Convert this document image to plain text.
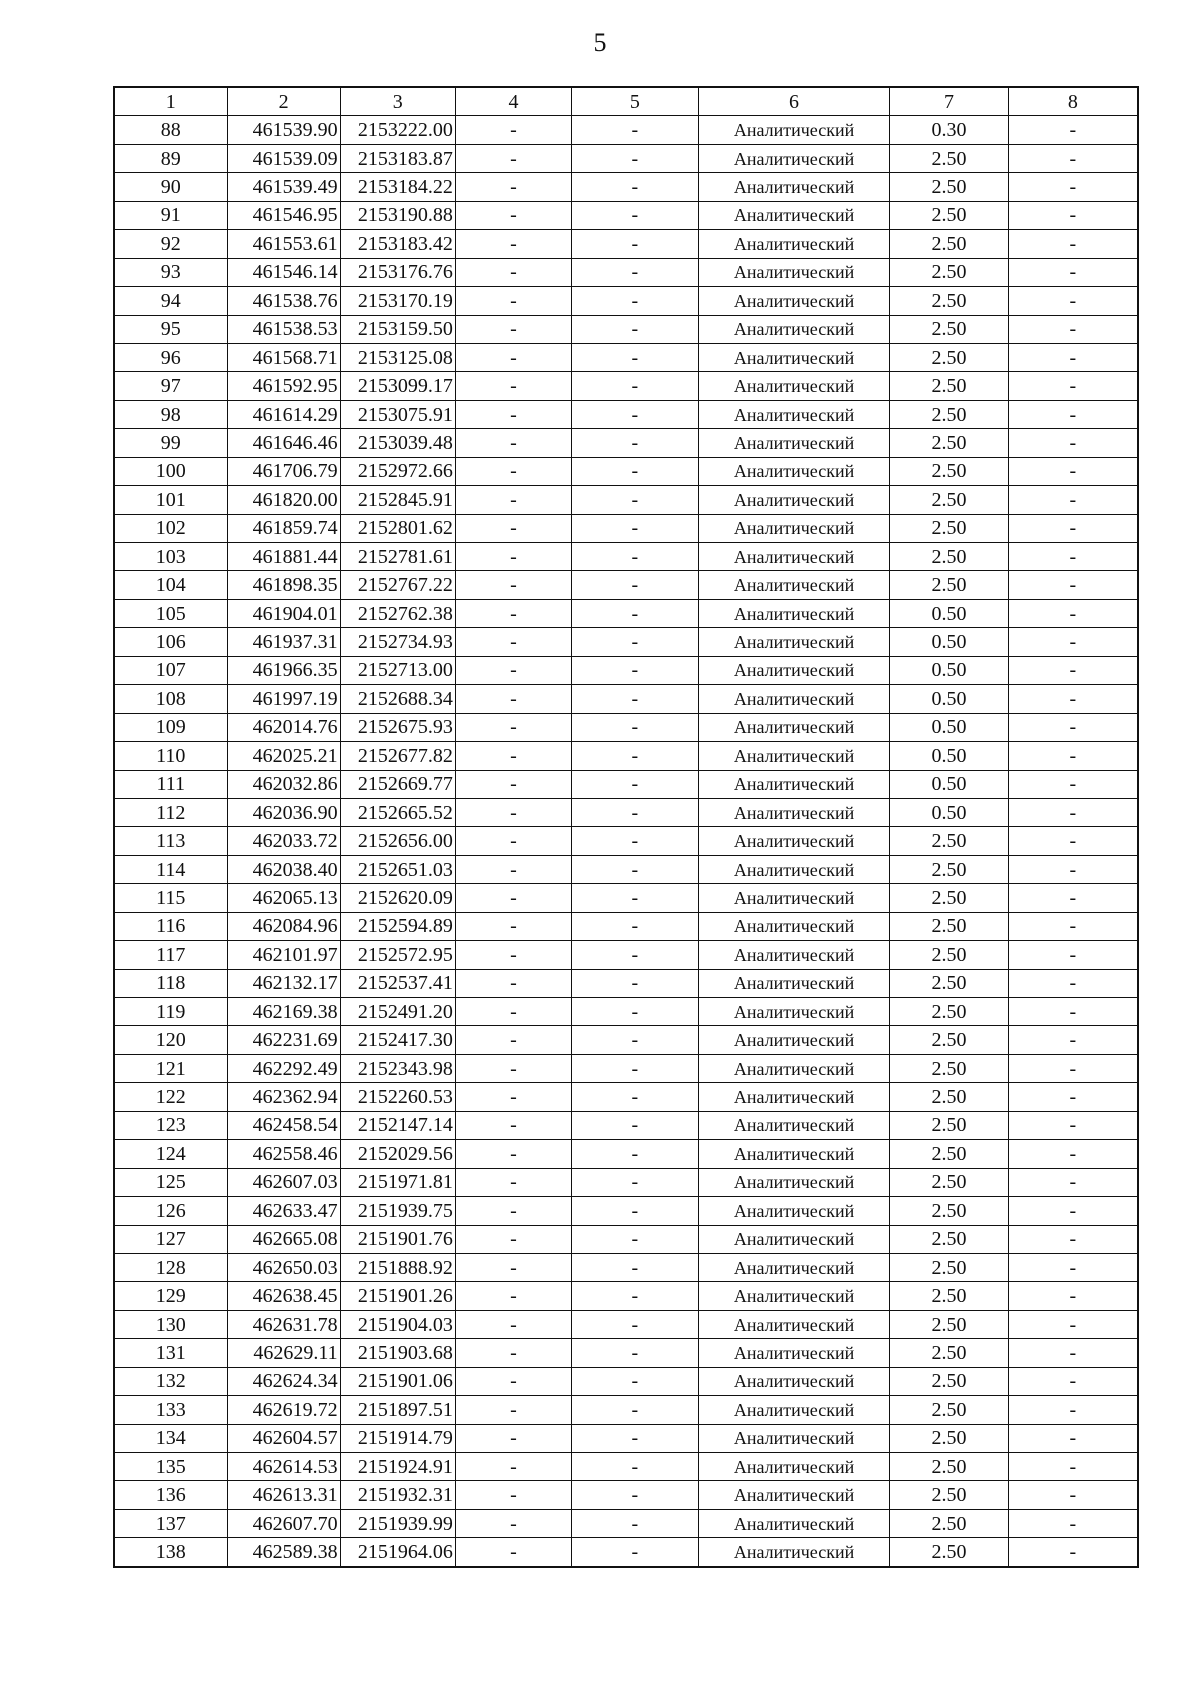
5
1	2	3	4	5	6	7	8
88	461539.90	2153222.00	-	-	Аналитический	0.30	-
89	461539.09	2153183.87	-	-	Аналитический	2.50	-
90	461539.49	2153184.22	-	-	Аналитический	2.50	-
91	461546.95	2153190.88	-	-	Аналитический	2.50	-
92	461553.61	2153183.42	-	-	Аналитический	2.50	-
93	461546.14	2153176.76	-	-	Аналитический	2.50	-
94	461538.76	2153170.19	-	-	Аналитический	2.50	-
95	461538.53	2153159.50	-	-	Аналитический	2.50	-
96	461568.71	2153125.08	-	-	Аналитический	2.50	-
97	461592.95	2153099.17	-	-	Аналитический	2.50	-
98	461614.29	2153075.91	-	-	Аналитический	2.50	-
99	461646.46	2153039.48	-	-	Аналитический	2.50	-
100	461706.79	2152972.66	-	-	Аналитический	2.50	-
101	461820.00	2152845.91	-	-	Аналитический	2.50	-
102	461859.74	2152801.62	-	-	Аналитический	2.50	-
103	461881.44	2152781.61	-	-	Аналитический	2.50	-
104	461898.35	2152767.22	-	-	Аналитический	2.50	-
105	461904.01	2152762.38	-	-	Аналитический	0.50	-
106	461937.31	2152734.93	-	-	Аналитический	0.50	-
107	461966.35	2152713.00	-	-	Аналитический	0.50	-
108	461997.19	2152688.34	-	-	Аналитический	0.50	-
109	462014.76	2152675.93	-	-	Аналитический	0.50	-
110	462025.21	2152677.82	-	-	Аналитический	0.50	-
111	462032.86	2152669.77	-	-	Аналитический	0.50	-
112	462036.90	2152665.52	-	-	Аналитический	0.50	-
113	462033.72	2152656.00	-	-	Аналитический	2.50	-
114	462038.40	2152651.03	-	-	Аналитический	2.50	-
115	462065.13	2152620.09	-	-	Аналитический	2.50	-
116	462084.96	2152594.89	-	-	Аналитический	2.50	-
117	462101.97	2152572.95	-	-	Аналитический	2.50	-
118	462132.17	2152537.41	-	-	Аналитический	2.50	-
119	462169.38	2152491.20	-	-	Аналитический	2.50	-
120	462231.69	2152417.30	-	-	Аналитический	2.50	-
121	462292.49	2152343.98	-	-	Аналитический	2.50	-
122	462362.94	2152260.53	-	-	Аналитический	2.50	-
123	462458.54	2152147.14	-	-	Аналитический	2.50	-
124	462558.46	2152029.56	-	-	Аналитический	2.50	-
125	462607.03	2151971.81	-	-	Аналитический	2.50	-
126	462633.47	2151939.75	-	-	Аналитический	2.50	-
127	462665.08	2151901.76	-	-	Аналитический	2.50	-
128	462650.03	2151888.92	-	-	Аналитический	2.50	-
129	462638.45	2151901.26	-	-	Аналитический	2.50	-
130	462631.78	2151904.03	-	-	Аналитический	2.50	-
131	462629.11	2151903.68	-	-	Аналитический	2.50	-
132	462624.34	2151901.06	-	-	Аналитический	2.50	-
133	462619.72	2151897.51	-	-	Аналитический	2.50	-
134	462604.57	2151914.79	-	-	Аналитический	2.50	-
135	462614.53	2151924.91	-	-	Аналитический	2.50	-
136	462613.31	2151932.31	-	-	Аналитический	2.50	-
137	462607.70	2151939.99	-	-	Аналитический	2.50	-
138	462589.38	2151964.06	-	-	Аналитический	2.50	-
